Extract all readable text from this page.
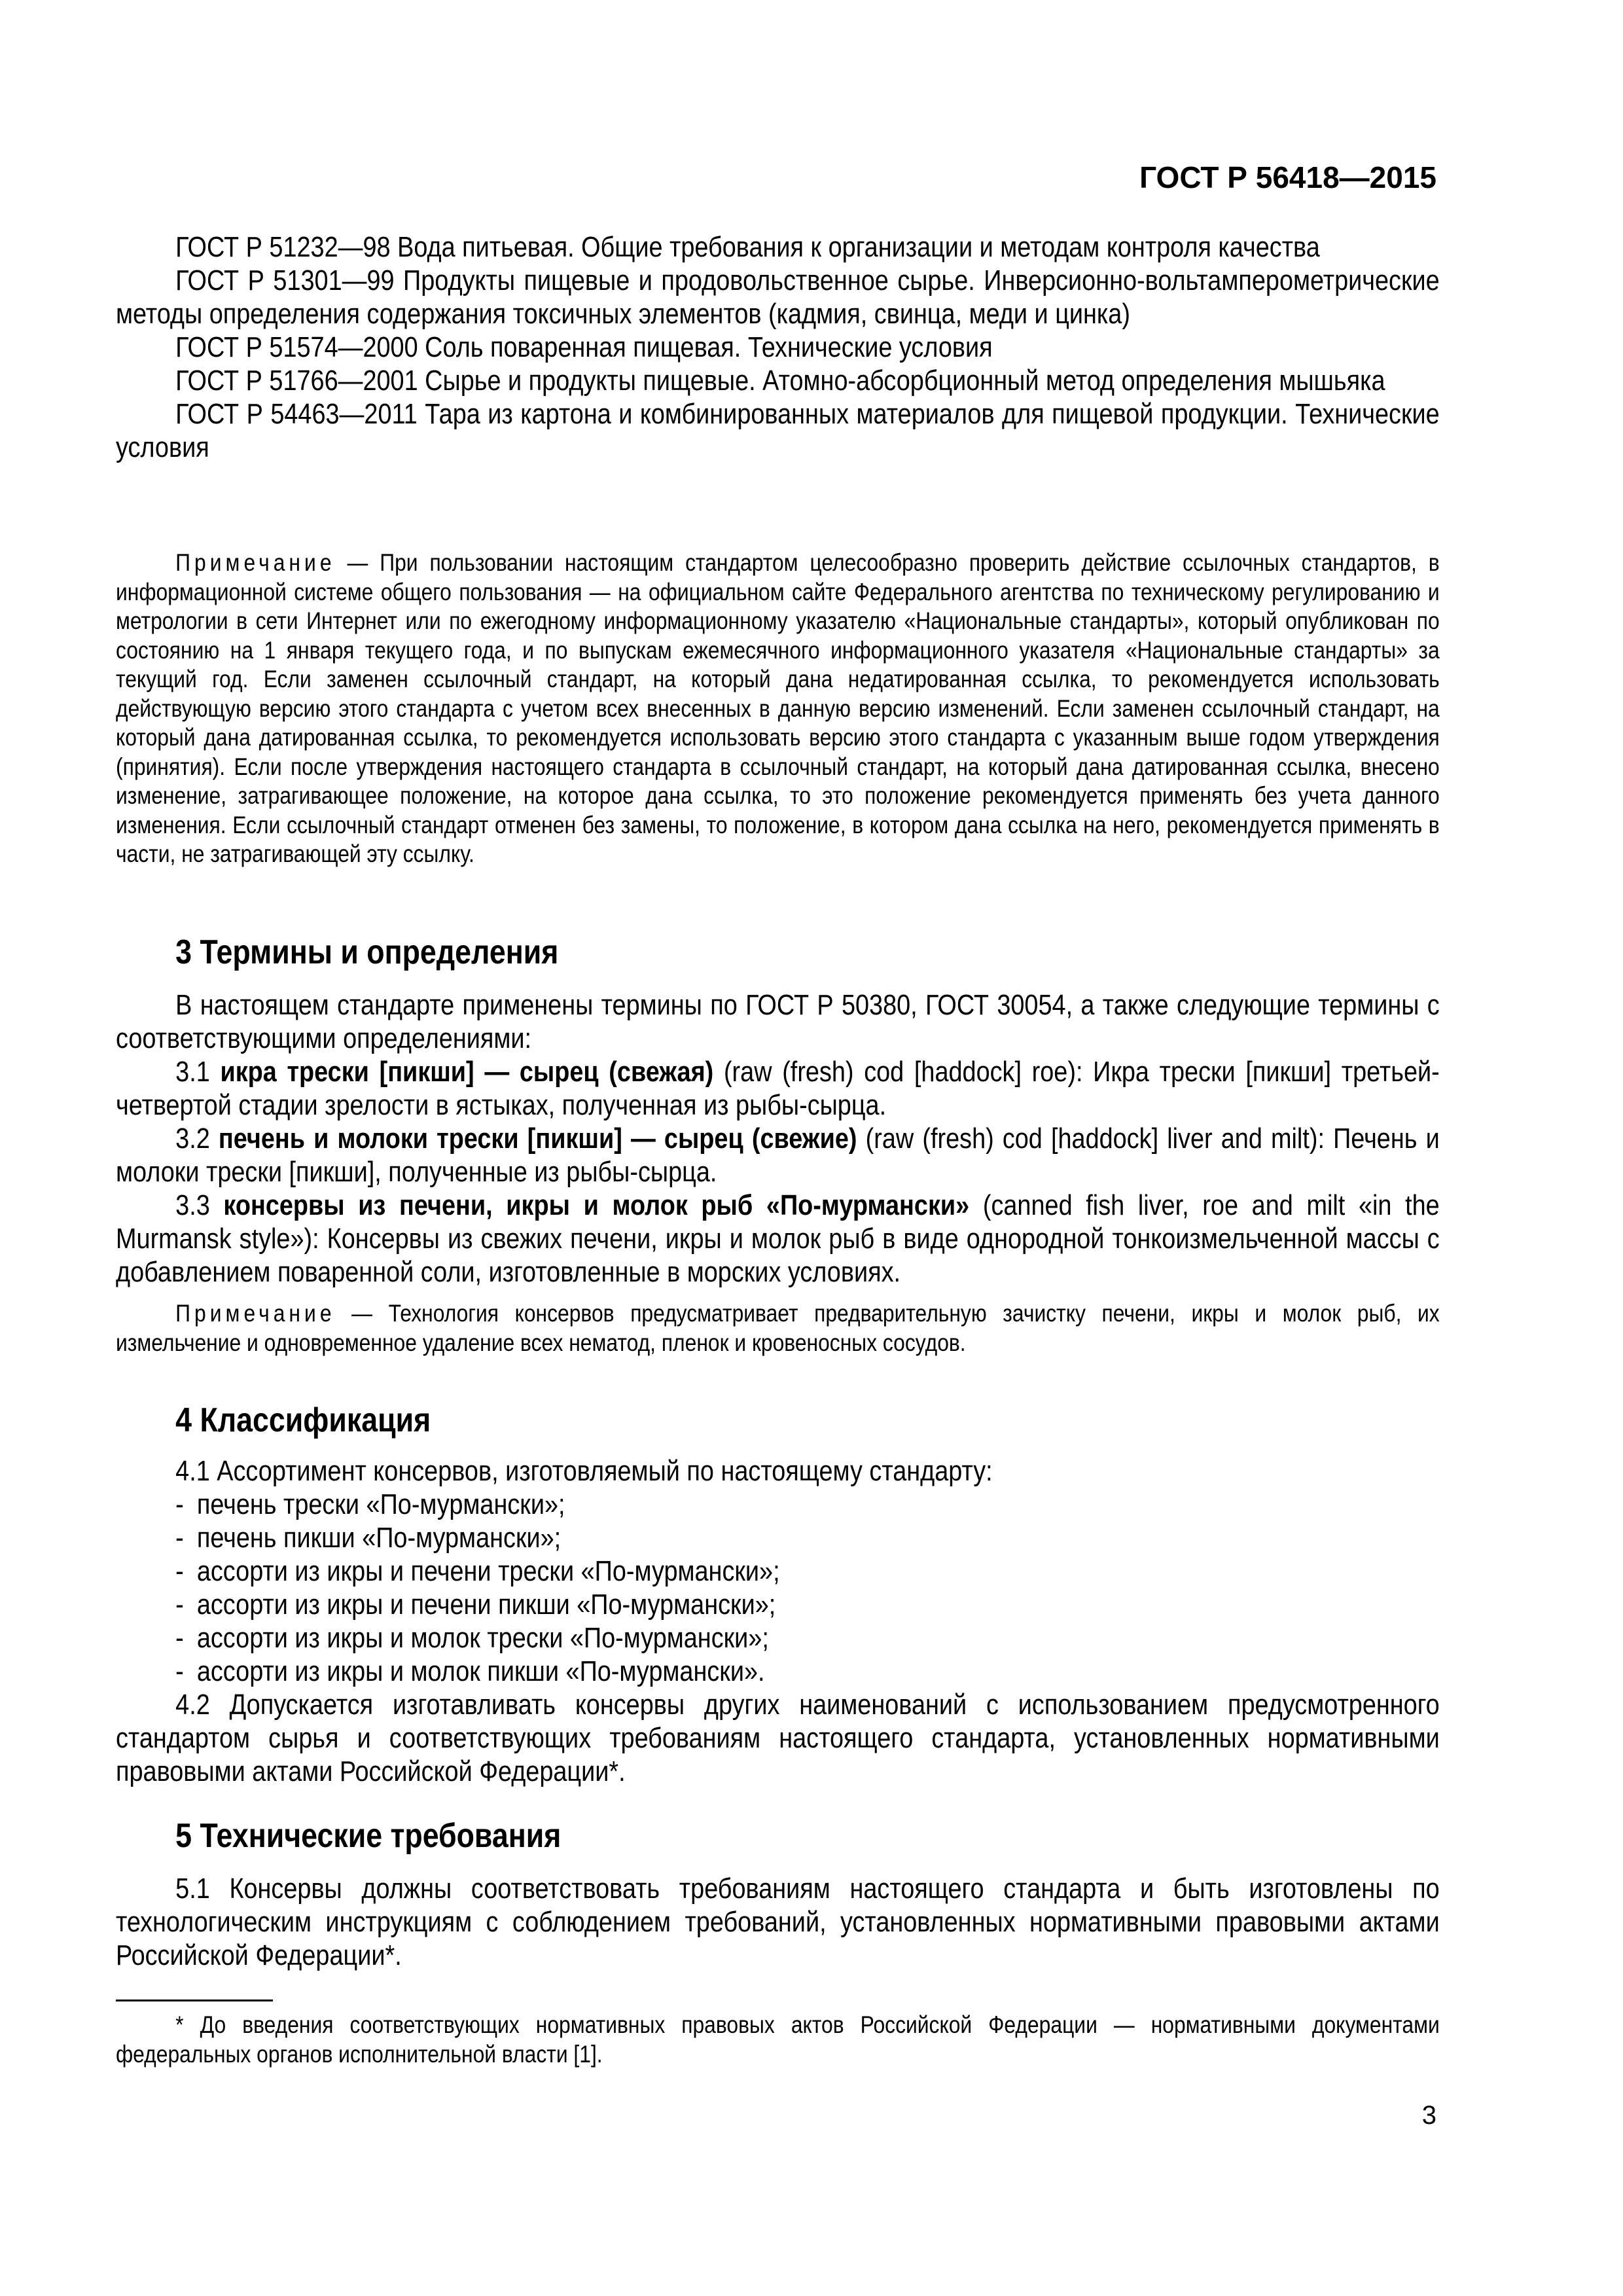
ГОСТ Р 56418—2015

ГОСТ Р 51232—98 Вода питьевая. Общие требования к организации и методам контроля качества

ГОСТ Р 51301—99 Продукты пищевые и продовольственное сырье. Инверсионно-вольтамперометрические методы определения содержания токсичных элементов (кадмия, свинца, меди и цинка)

ГОСТ Р 51574—2000 Соль поваренная пищевая. Технические условия

ГОСТ Р 51766—2001 Сырье и продукты пищевые. Атомно-абсорбционный метод определения мышьяка

ГОСТ Р 54463—2011 Тара из картона и комбинированных материалов для пищевой продукции. Технические условия

Примечание — При пользовании настоящим стандартом целесообразно проверить действие ссылочных стандартов, в информационной системе общего пользования — на официальном сайте Федерального агентства по техническому регулированию и метрологии в сети Интернет или по ежегодному информационному указателю «Национальные стандарты», который опубликован по состоянию на 1 января текущего года, и по выпускам ежемесячного информационного указателя «Национальные стандарты» за текущий год. Если заменен ссылочный стандарт, на который дана недатированная ссылка, то рекомендуется использовать действующую версию этого стандарта с учетом всех внесенных в данную версию изменений. Если заменен ссылочный стандарт, на который дана датированная ссылка, то рекомендуется использовать версию этого стандарта с указанным выше годом утверждения (принятия). Если после утверждения настоящего стандарта в ссылочный стандарт, на который дана датированная ссылка, внесено изменение, затрагивающее положение, на которое дана ссылка, то это положение рекомендуется применять без учета данного изменения. Если ссылочный стандарт отменен без замены, то положение, в котором дана ссылка на него, рекомендуется применять в части, не затрагивающей эту ссылку.

3 Термины и определения

В настоящем стандарте применены термины по ГОСТ Р 50380, ГОСТ 30054, а также следующие термины с соответствующими определениями:

3.1 икра трески [пикши] — сырец (свежая) (raw (fresh) cod [haddock] roe): Икра трески [пикши] третьей-четвертой стадии зрелости в ястыках, полученная из рыбы-сырца.

3.2 печень и молоки трески [пикши] — сырец (свежие) (raw (fresh) cod [haddock] liver and milt): Печень и молоки трески [пикши], полученные из рыбы-сырца.

3.3 консервы из печени, икры и молок рыб «По-мурмански» (canned fish liver, roe and milt «in the Murmansk style»): Консервы из свежих печени, икры и молок рыб в виде однородной тонкоизмельченной массы с добавлением поваренной соли, изготовленные в морских условиях.

Примечание — Технология консервов предусматривает предварительную зачистку печени, икры и молок рыб, их измельчение и одновременное удаление всех нематод, пленок и кровеносных сосудов.

4 Классификация

4.1 Ассортимент консервов, изготовляемый по настоящему стандарту:

- печень трески «По-мурмански»;

- печень пикши «По-мурмански»;

- ассорти из икры и печени трески «По-мурмански»;

- ассорти из икры и печени пикши «По-мурмански»;

- ассорти из икры и молок трески «По-мурмански»;

- ассорти из икры и молок пикши «По-мурмански».

4.2 Допускается изготавливать консервы других наименований с использованием предусмотренного стандартом сырья и соответствующих требованиям настоящего стандарта, установленных нормативными правовыми актами Российской Федерации*.

5 Технические требования

5.1 Консервы должны соответствовать требованиям настоящего стандарта и быть изготовлены по технологическим инструкциям с соблюдением требований, установленных нормативными правовыми актами Российской Федерации*.

* До введения соответствующих нормативных правовых актов Российской Федерации — нормативными документами федеральных органов исполнительной власти [1].

3
